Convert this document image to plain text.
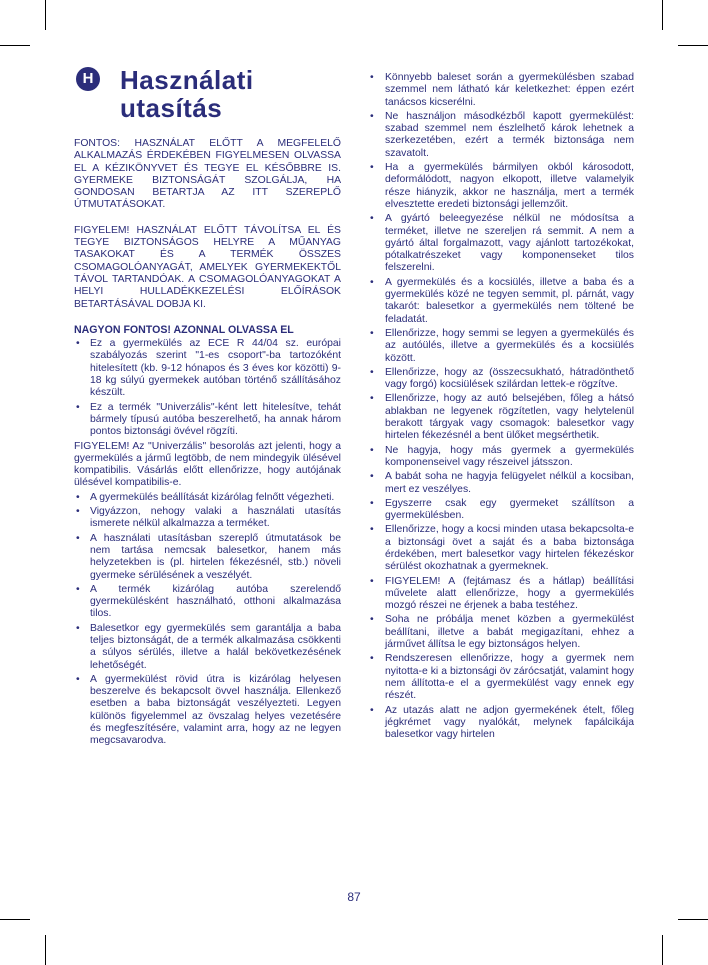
H Használati utasítás

FONTOS: HASZNÁLAT ELŐTT A MEGFELELŐ ALKALMAZÁS ÉRDEKÉBEN FIGYELMESEN OLVASSA EL A KÉZIKÖNYVET ÉS TEGYE EL KÉSŐBBRE IS. GYERMEKE BIZTONSÁGÁT SZOLGÁLJA, HA GONDOSAN BETARTJA AZ ITT SZEREPLŐ ÚTMUTATÁSOKAT.

FIGYELEM! HASZNÁLAT ELŐTT TÁVOLÍTSA EL ÉS TEGYE BIZTONSÁGOS HELYRE A MŰANYAG TASAKOKAT ÉS A TERMÉK ÖSSZES CSOMAGOLÓANYAGÁT, AMELYEK GYERMEKEKTŐL TÁVOL TARTANDÓAK. A CSOMAGOLÓANYAGOKAT A HELYI HULLADÉKKEZELÉSI ELŐÍRÁSOK BETARTÁSÁVAL DOBJA KI.

NAGYON FONTOS! AZONNAL OLVASSA EL

• Ez a gyermekülés az ECE R 44/04 sz. európai szabályozás szerint "1-es csoport"-ba tartozóként hitelesített (kb. 9-12 hónapos és 3 éves kor közötti) 9-18 kg súlyú gyermekek autóban történő szállításához készült.
• Ez a termék "Univerzális"-ként lett hitelesítve, tehát bármely típusú autóba beszerelhető, ha annak három pontos biztonsági övével rögzíti.

FIGYELEM! Az "Univerzális" besorolás azt jelenti, hogy a gyermekülés a jármű legtöbb, de nem mindegyik ülésével kompatibilis. Vásárlás előtt ellenőrizze, hogy autójának ülésével kompatibilis-e.

• A gyermekülés beállítását kizárólag felnőtt végezheti.
• Vigyázzon, nehogy valaki a használati utasítás ismerete nélkül alkalmazza a terméket.
• A használati utasításban szereplő útmutatások be nem tartása nemcsak balesetkor, hanem más helyzetekben is (pl. hirtelen fékezésnél, stb.) növeli gyermeke sérülésének a veszélyét.
• A termék kizárólag autóba szerelendő gyermekülésként használható, otthoni alkalmazása tilos.
• Balesetkor egy gyermekülés sem garantálja a baba teljes biztonságát, de a termék alkalmazása csökkenti a súlyos sérülés, illetve a halál bekövetkezésének lehetőségét.
• A gyermekülést rövid útra is kizárólag helyesen beszerelve és bekapcsolt övvel használja. Ellenkező esetben a baba biztonságát veszélyezteti. Legyen különös figyelemmel az övszalag helyes vezetésére és megfeszítésére, valamint arra, hogy az ne legyen megcsavarodva.
• Könnyebb baleset során a gyermekülésben szabad szemmel nem látható kár keletkezhet: éppen ezért tanácsos kicserélni.
• Ne használjon másodkézből kapott gyermekülést: szabad szemmel nem észlelhető károk lehetnek a szerkezetében, ezért a termék biztonsága nem szavatolt.
• Ha a gyermekülés bármilyen okból károsodott, deformálódott, nagyon elkopott, illetve valamelyik része hiányzik, akkor ne használja, mert a termék elvesztette eredeti biztonsági jellemzőit.
• A gyártó beleegyezése nélkül ne módosítsa a terméket, illetve ne szereljen rá semmit. A nem a gyártó által forgalmazott, vagy ajánlott tartozékokat, pótalkatrészeket vagy komponenseket tilos felszerelni.
• A gyermekülés és a kocsiülés, illetve a baba és a gyermekülés közé ne tegyen semmit, pl. párnát, vagy takarót: balesetkor a gyermekülés nem töltené be feladatát.
• Ellenőrizze, hogy semmi se legyen a gyermekülés és az autóülés, illetve a gyermekülés és a kocsiülés között.
• Ellenőrizze, hogy az (összecsukható, hátradönthető vagy forgó) kocsiülések szilárdan lettek-e rögzítve.
• Ellenőrizze, hogy az autó belsejében, főleg a hátsó ablakban ne legyenek rögzítetlen, vagy helytelenül berakott tárgyak vagy csomagok: balesetkor vagy hirtelen fékezésnél a bent ülőket megsérthetik.
• Ne hagyja, hogy más gyermek a gyermekülés komponenseivel vagy részeivel játsszon.
• A babát soha ne hagyja felügyelet nélkül a kocsiban, mert ez veszélyes.
• Egyszerre csak egy gyermeket szállítson a gyermekülésben.
• Ellenőrizze, hogy a kocsi minden utasa bekapcsolta-e a biztonsági övet a saját és a baba biztonsága érdekében, mert balesetkor vagy hirtelen fékezéskor sérülést okozhatnak a gyermeknek.
• FIGYELEM! A (fejtámasz és a hátlap) beállítási művelete alatt ellenőrizze, hogy a gyermekülés mozgó részei ne érjenek a baba testéhez.
• Soha ne próbálja menet közben a gyermekülést beállítani, illetve a babát megigazítani, ehhez a járművet állítsa le egy biztonságos helyen.
• Rendszeresen ellenőrizze, hogy a gyermek nem nyitotta-e ki a biztonsági öv zárócsatját, valamint hogy nem állította-e el a gyermekülést vagy ennek egy részét.
• Az utazás alatt ne adjon gyermekének ételt, főleg jégkrémet vagy nyalókát, melynek fapálcikája balesetkor vagy hirtelen
87
